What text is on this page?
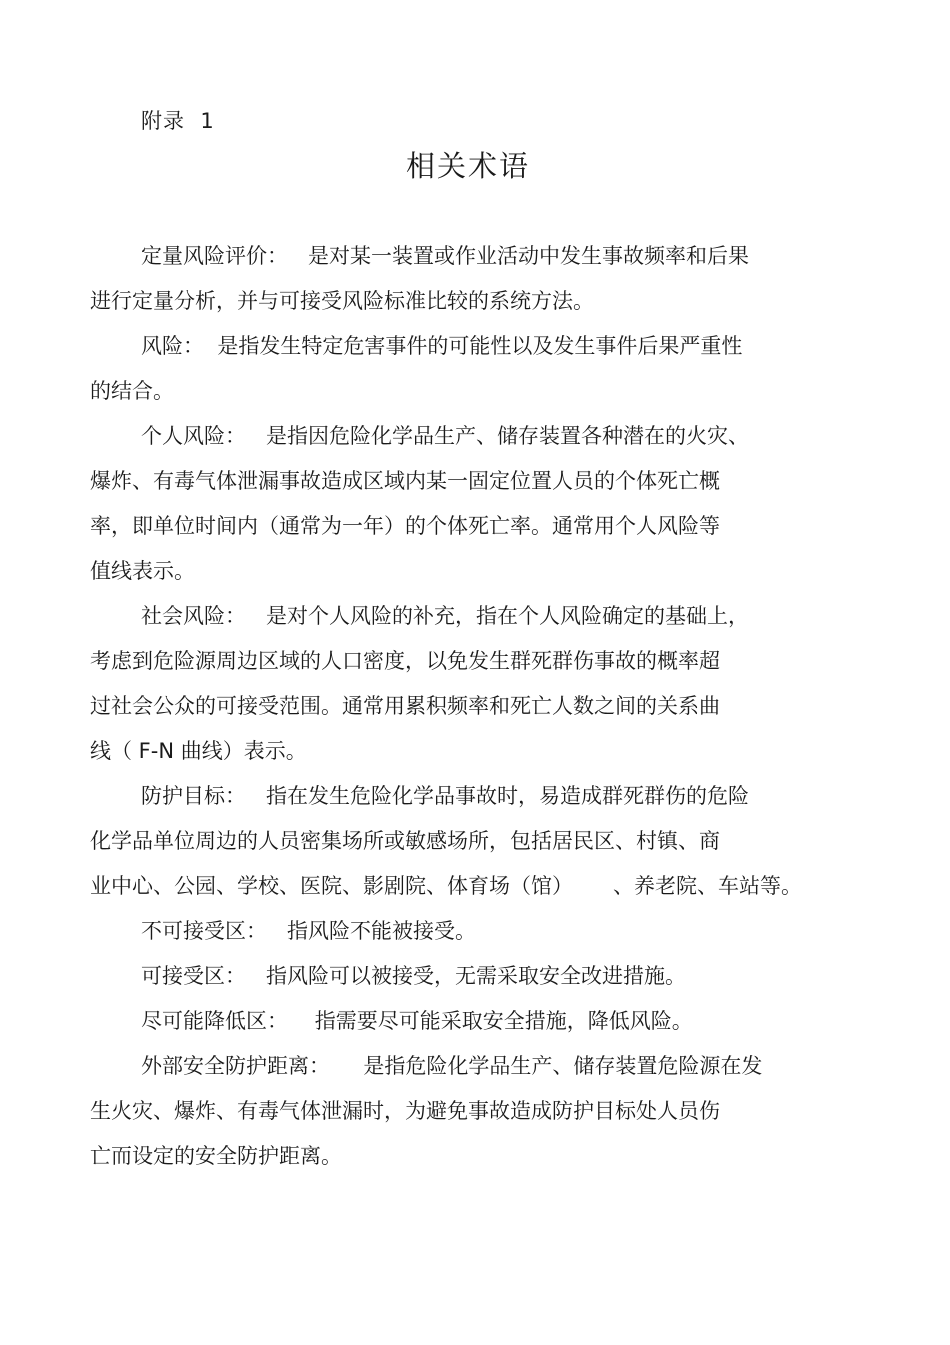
附录  1
相关术语
定量风险评价：   是对某一装置或作业活动中发生事故频率和后果
进行定量分析，并与可接受风险标准比较的系统方法。
风险：  是指发生特定危害事件的可能性以及发生事件后果严重性
的结合。
个人风险：   是指因危险化学品生产、储存装置各种潜在的火灾、
爆炸、有毒气体泄漏事故造成区域内某一固定位置人员的个体死亡概
率，即单位时间内（通常为一年）的个体死亡率。通常用个人风险等
值线表示。
社会风险：   是对个人风险的补充，指在个人风险确定的基础上，
考虑到危险源周边区域的人口密度，以免发生群死群伤事故的概率超
过社会公众的可接受范围。通常用累积频率和死亡人数之间的关系曲
线（ F-N 曲线）表示。
防护目标：   指在发生危险化学品事故时，易造成群死群伤的危险
化学品单位周边的人员密集场所或敏感场所，包括居民区、村镇、商
业中心、公园、学校、医院、影剧院、体育场（馆）      、养老院、车站等。
不可接受区：   指风险不能被接受。
可接受区：   指风险可以被接受，无需采取安全改进措施。
尽可能降低区：    指需要尽可能采取安全措施，降低风险。
外部安全防护距离：     是指危险化学品生产、储存装置危险源在发
生火灾、爆炸、有毒气体泄漏时，为避免事故造成防护目标处人员伤
亡而设定的安全防护距离。
